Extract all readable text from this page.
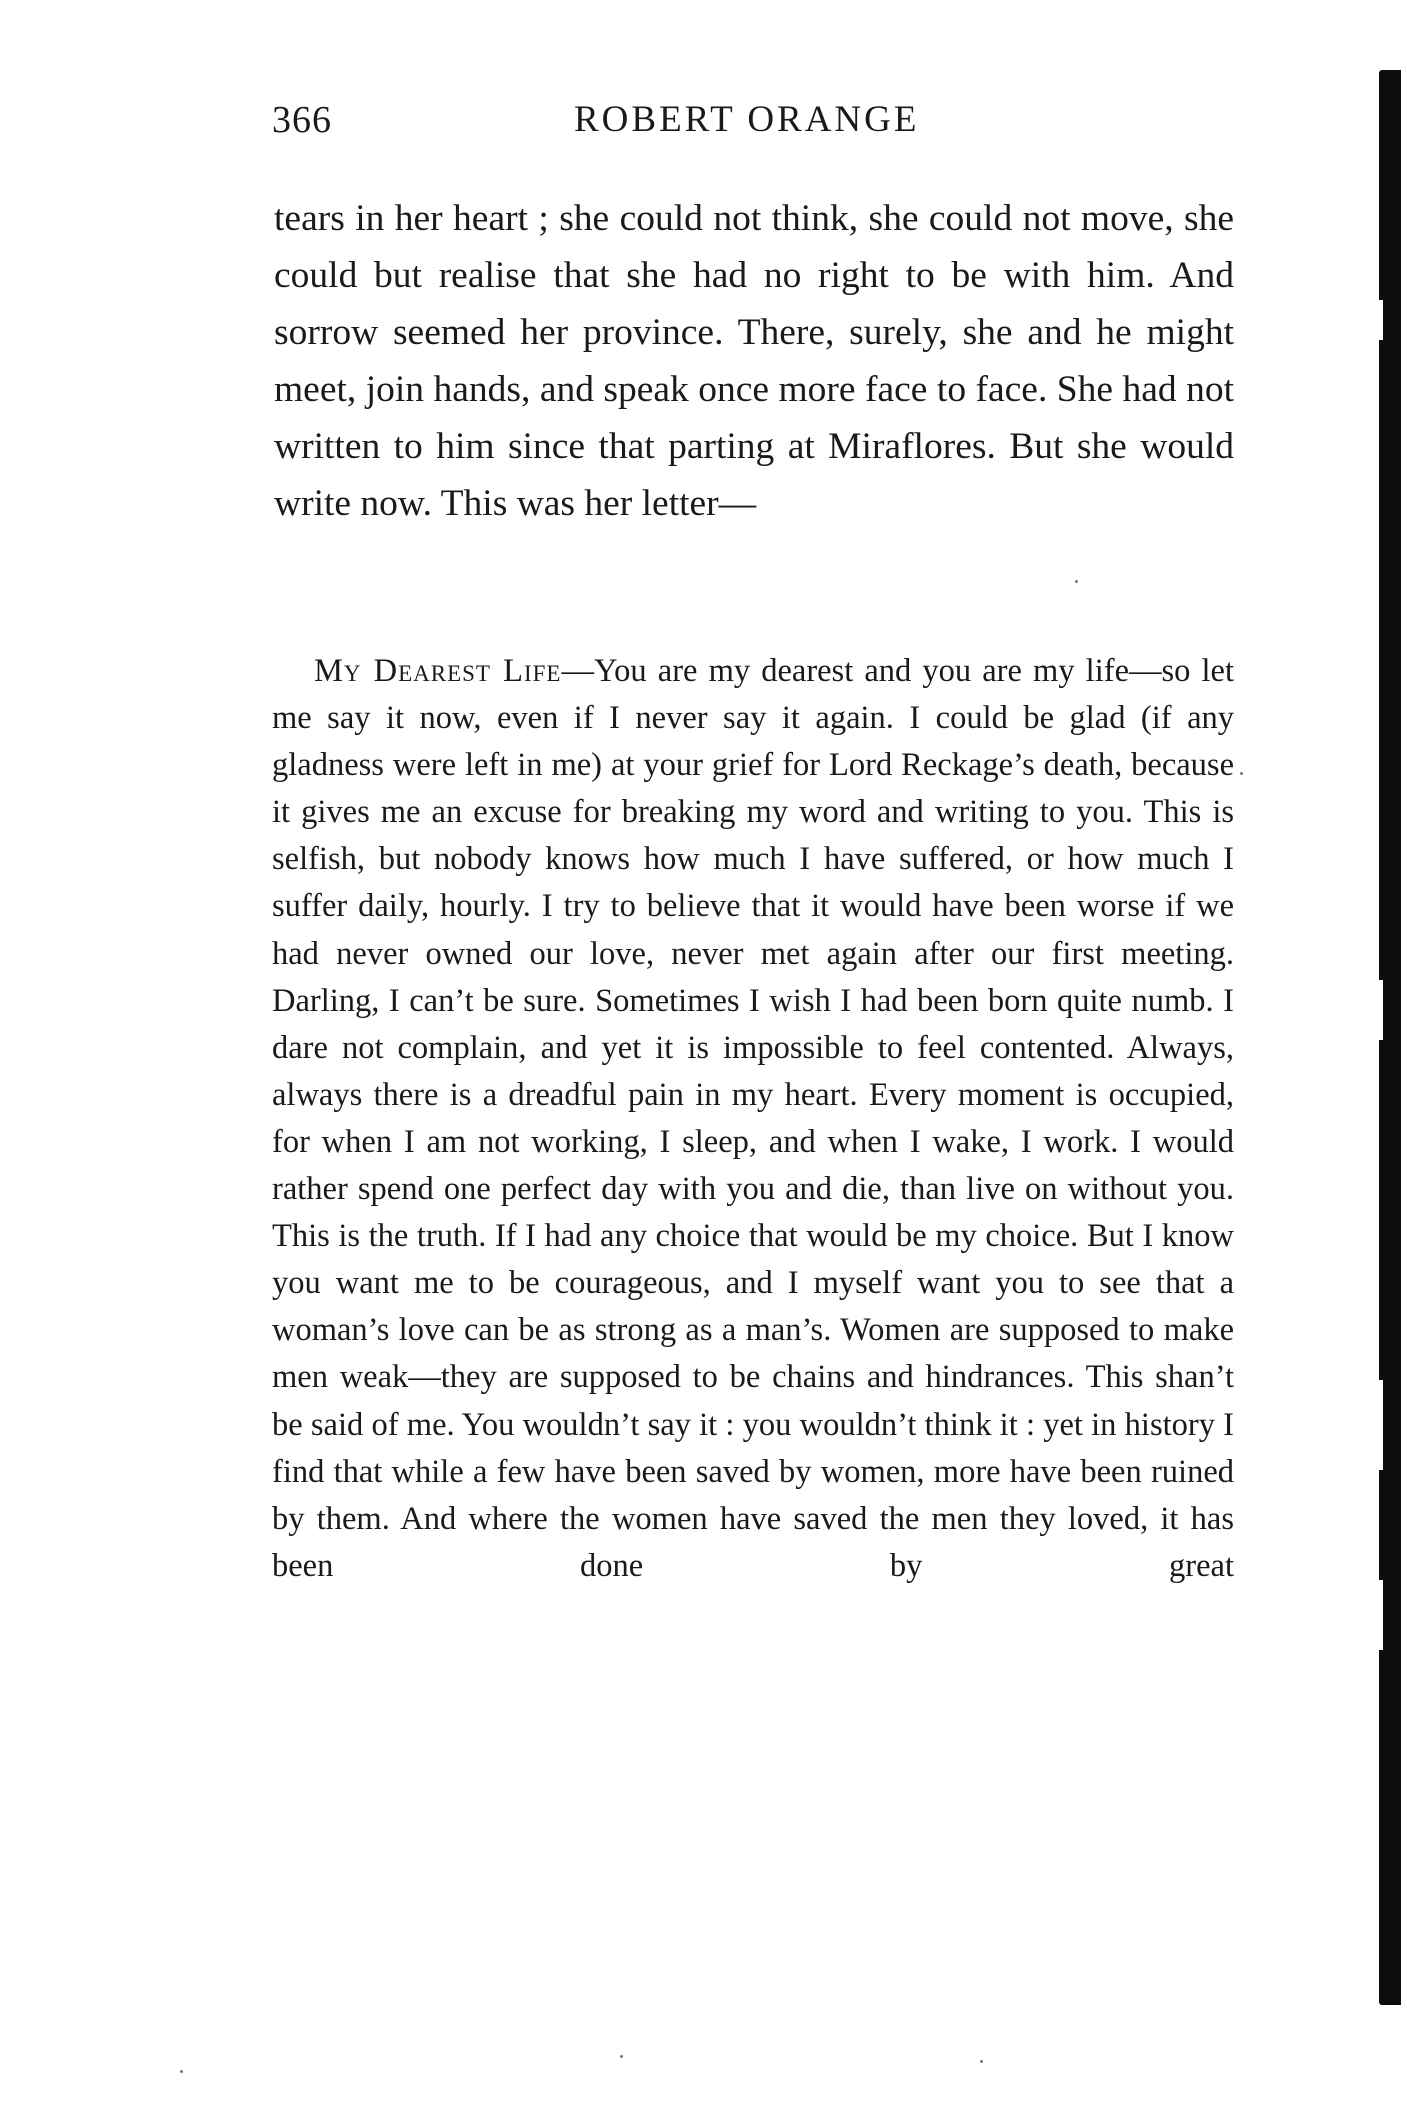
366	ROBERT ORANGE

tears in her heart ; she could not think, she could not move, she could but realise that she had no right to be with him. And sorrow seemed her province. There, surely, she and he might meet, join hands, and speak once more face to face. She had not written to him since that parting at Miraflores. But she would write now. This was her letter—

My Dearest Life—You are my dearest and you are my life—so let me say it now, even if I never say it again. I could be glad (if any gladness were left in me) at your grief for Lord Reckage’s death, because it gives me an excuse for breaking my word and writing to you. This is selfish, but nobody knows how much I have suffered, or how much I suffer daily, hourly. I try to believe that it would have been worse if we had never owned our love, never met again after our first meeting. Darling, I can’t be sure. Sometimes I wish I had been born quite numb. I dare not complain, and yet it is impossible to feel contented. Always, always there is a dreadful pain in my heart. Every moment is occupied, for when I am not working, I sleep, and when I wake, I work. I would rather spend one perfect day with you and die, than live on without you. This is the truth. If I had any choice that would be my choice. But I know you want me to be courageous, and I myself want you to see that a woman’s love can be as strong as a man’s. Women are supposed to make men weak—they are supposed to be chains and hindrances. This shan’t be said of me. You wouldn’t say it : you wouldn’t think it : yet in history I find that while a few have been saved by women, more have been ruined by them. And where the women have saved the men they loved, it has been done by great
